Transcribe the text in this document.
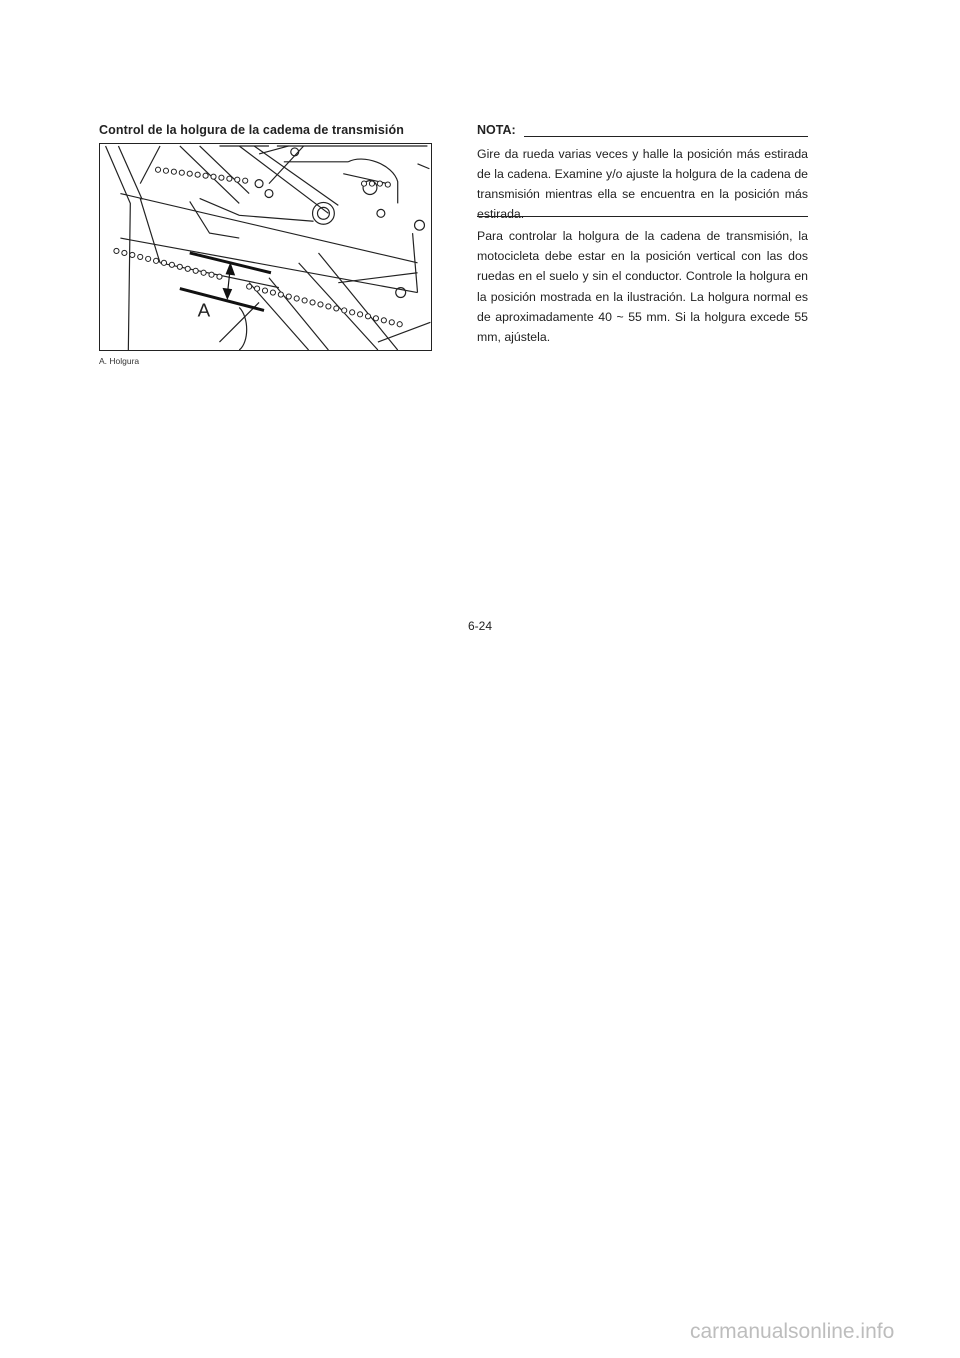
Control de la holgura de la cadema de transmisión
A
A. Holgura
NOTA:
Gire da rueda varias veces y halle la posición más estirada de la cadena. Examine y/o ajuste la holgura de la cadena de transmisión mientras ella se encuentra en la posición más estirada.
Para controlar la holgura de la cadena de transmisión, la motocicleta debe estar en la posición vertical con las dos ruedas en el suelo y sin el conductor. Controle la holgura en la posición mostrada en la ilustración. La holgura normal es de aproximadamente 40 ~ 55 mm. Si la holgura excede 55 mm, ajústela.
6-24
carmanualsonline.info
